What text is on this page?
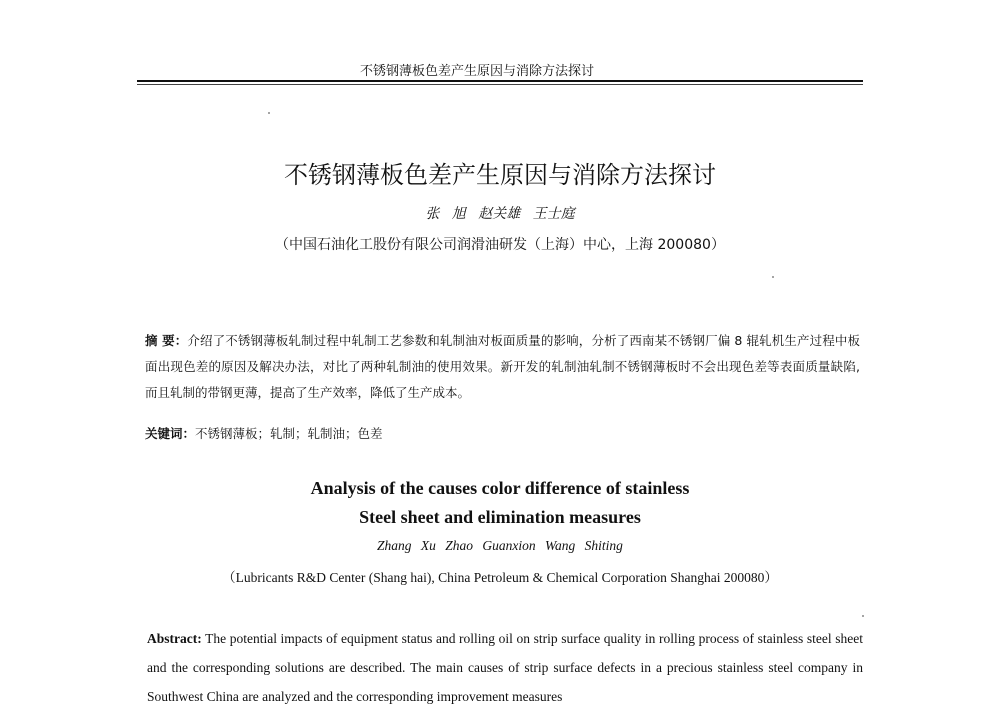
不锈钢薄板色差产生原因与消除方法探讨
不锈钢薄板色差产生原因与消除方法探讨
张 旭 赵关雄 王士庭
（中国石油化工股份有限公司润滑油研发（上海）中心，上海 200080）
摘 要：介绍了不锈钢薄板轧制过程中轧制工艺参数和轧制油对板面质量的影响，分析了西南某不锈钢厂偏 8 辊轧机生产过程中板面出现色差的原因及解决办法，对比了两种轧制油的使用效果。新开发的轧制油轧制不锈钢薄板时不会出现色差等表面质量缺陷, 而且轧制的带钢更薄，提高了生产效率，降低了生产成本。
关键词：不锈钢薄板；轧制；轧制油；色差
Analysis of the causes color difference of stainless
Steel sheet and elimination measures
Zhang Xu Zhao Guanxion Wang Shiting
（Lubricants R&D Center (Shang hai), China Petroleum & Chemical Corporation Shanghai 200080）
Abstract: The potential impacts of equipment status and rolling oil on strip surface quality in rolling process of stainless steel sheet and the corresponding solutions are described. The main causes of strip surface defects in a precious stainless steel company in Southwest China are analyzed and the corresponding improvement measures
